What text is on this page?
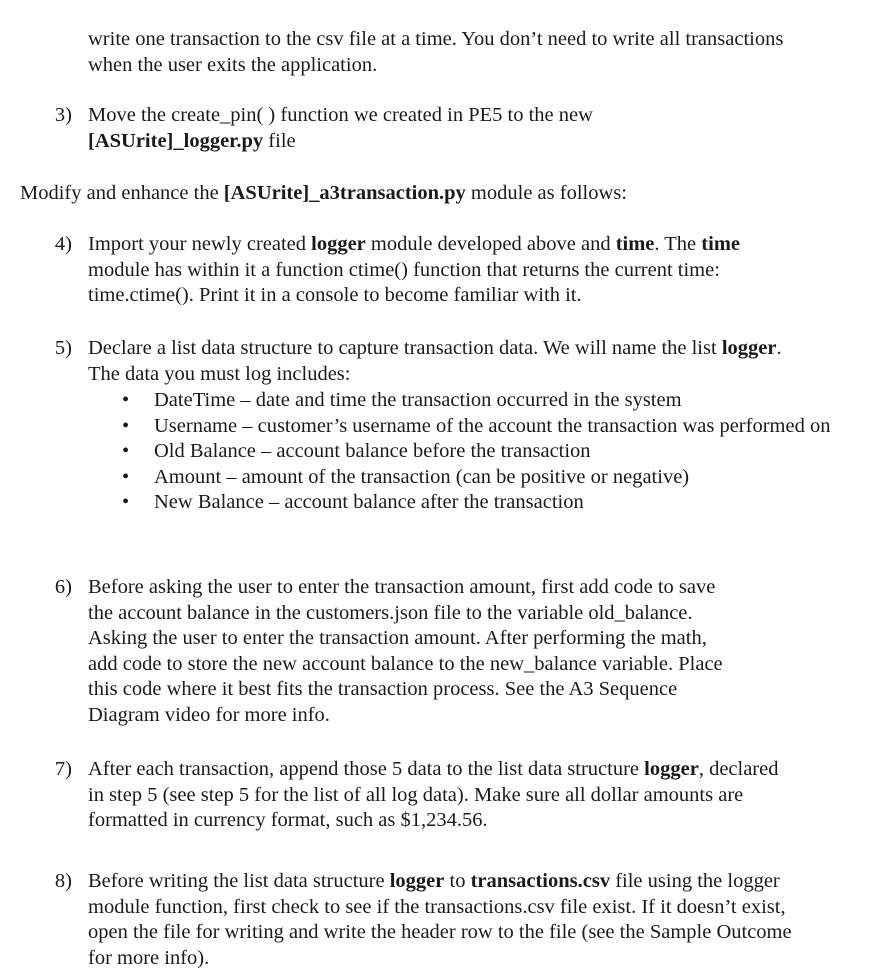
write one transaction to the csv file at a time. You don’t need to write all transactions
when the user exits the application.
3) Move the create_pin( ) function we created in PE5 to the new
[ASUrite]_logger.py file
Modify and enhance the [ASUrite]_a3transaction.py module as follows:
4) Import your newly created logger module developed above and time. The time
module has within it a function ctime() function that returns the current time:
time.ctime(). Print it in a console to become familiar with it.
5) Declare a list data structure to capture transaction data. We will name the list logger.
The data you must log includes:
• DateTime – date and time the transaction occurred in the system
• Username – customer’s username of the account the transaction was performed on
• Old Balance – account balance before the transaction
• Amount – amount of the transaction (can be positive or negative)
• New Balance – account balance after the transaction
6) Before asking the user to enter the transaction amount, first add code to save
the account balance in the customers.json file to the variable old_balance.
Asking the user to enter the transaction amount. After performing the math,
add code to store the new account balance to the new_balance variable. Place
this code where it best fits the transaction process. See the A3 Sequence
Diagram video for more info.
7) After each transaction, append those 5 data to the list data structure logger, declared
in step 5 (see step 5 for the list of all log data). Make sure all dollar amounts are
formatted in currency format, such as $1,234.56.
8) Before writing the list data structure logger to transactions.csv file using the logger
module function, first check to see if the transactions.csv file exist. If it doesn’t exist,
open the file for writing and write the header row to the file (see the Sample Outcome
for more info).
